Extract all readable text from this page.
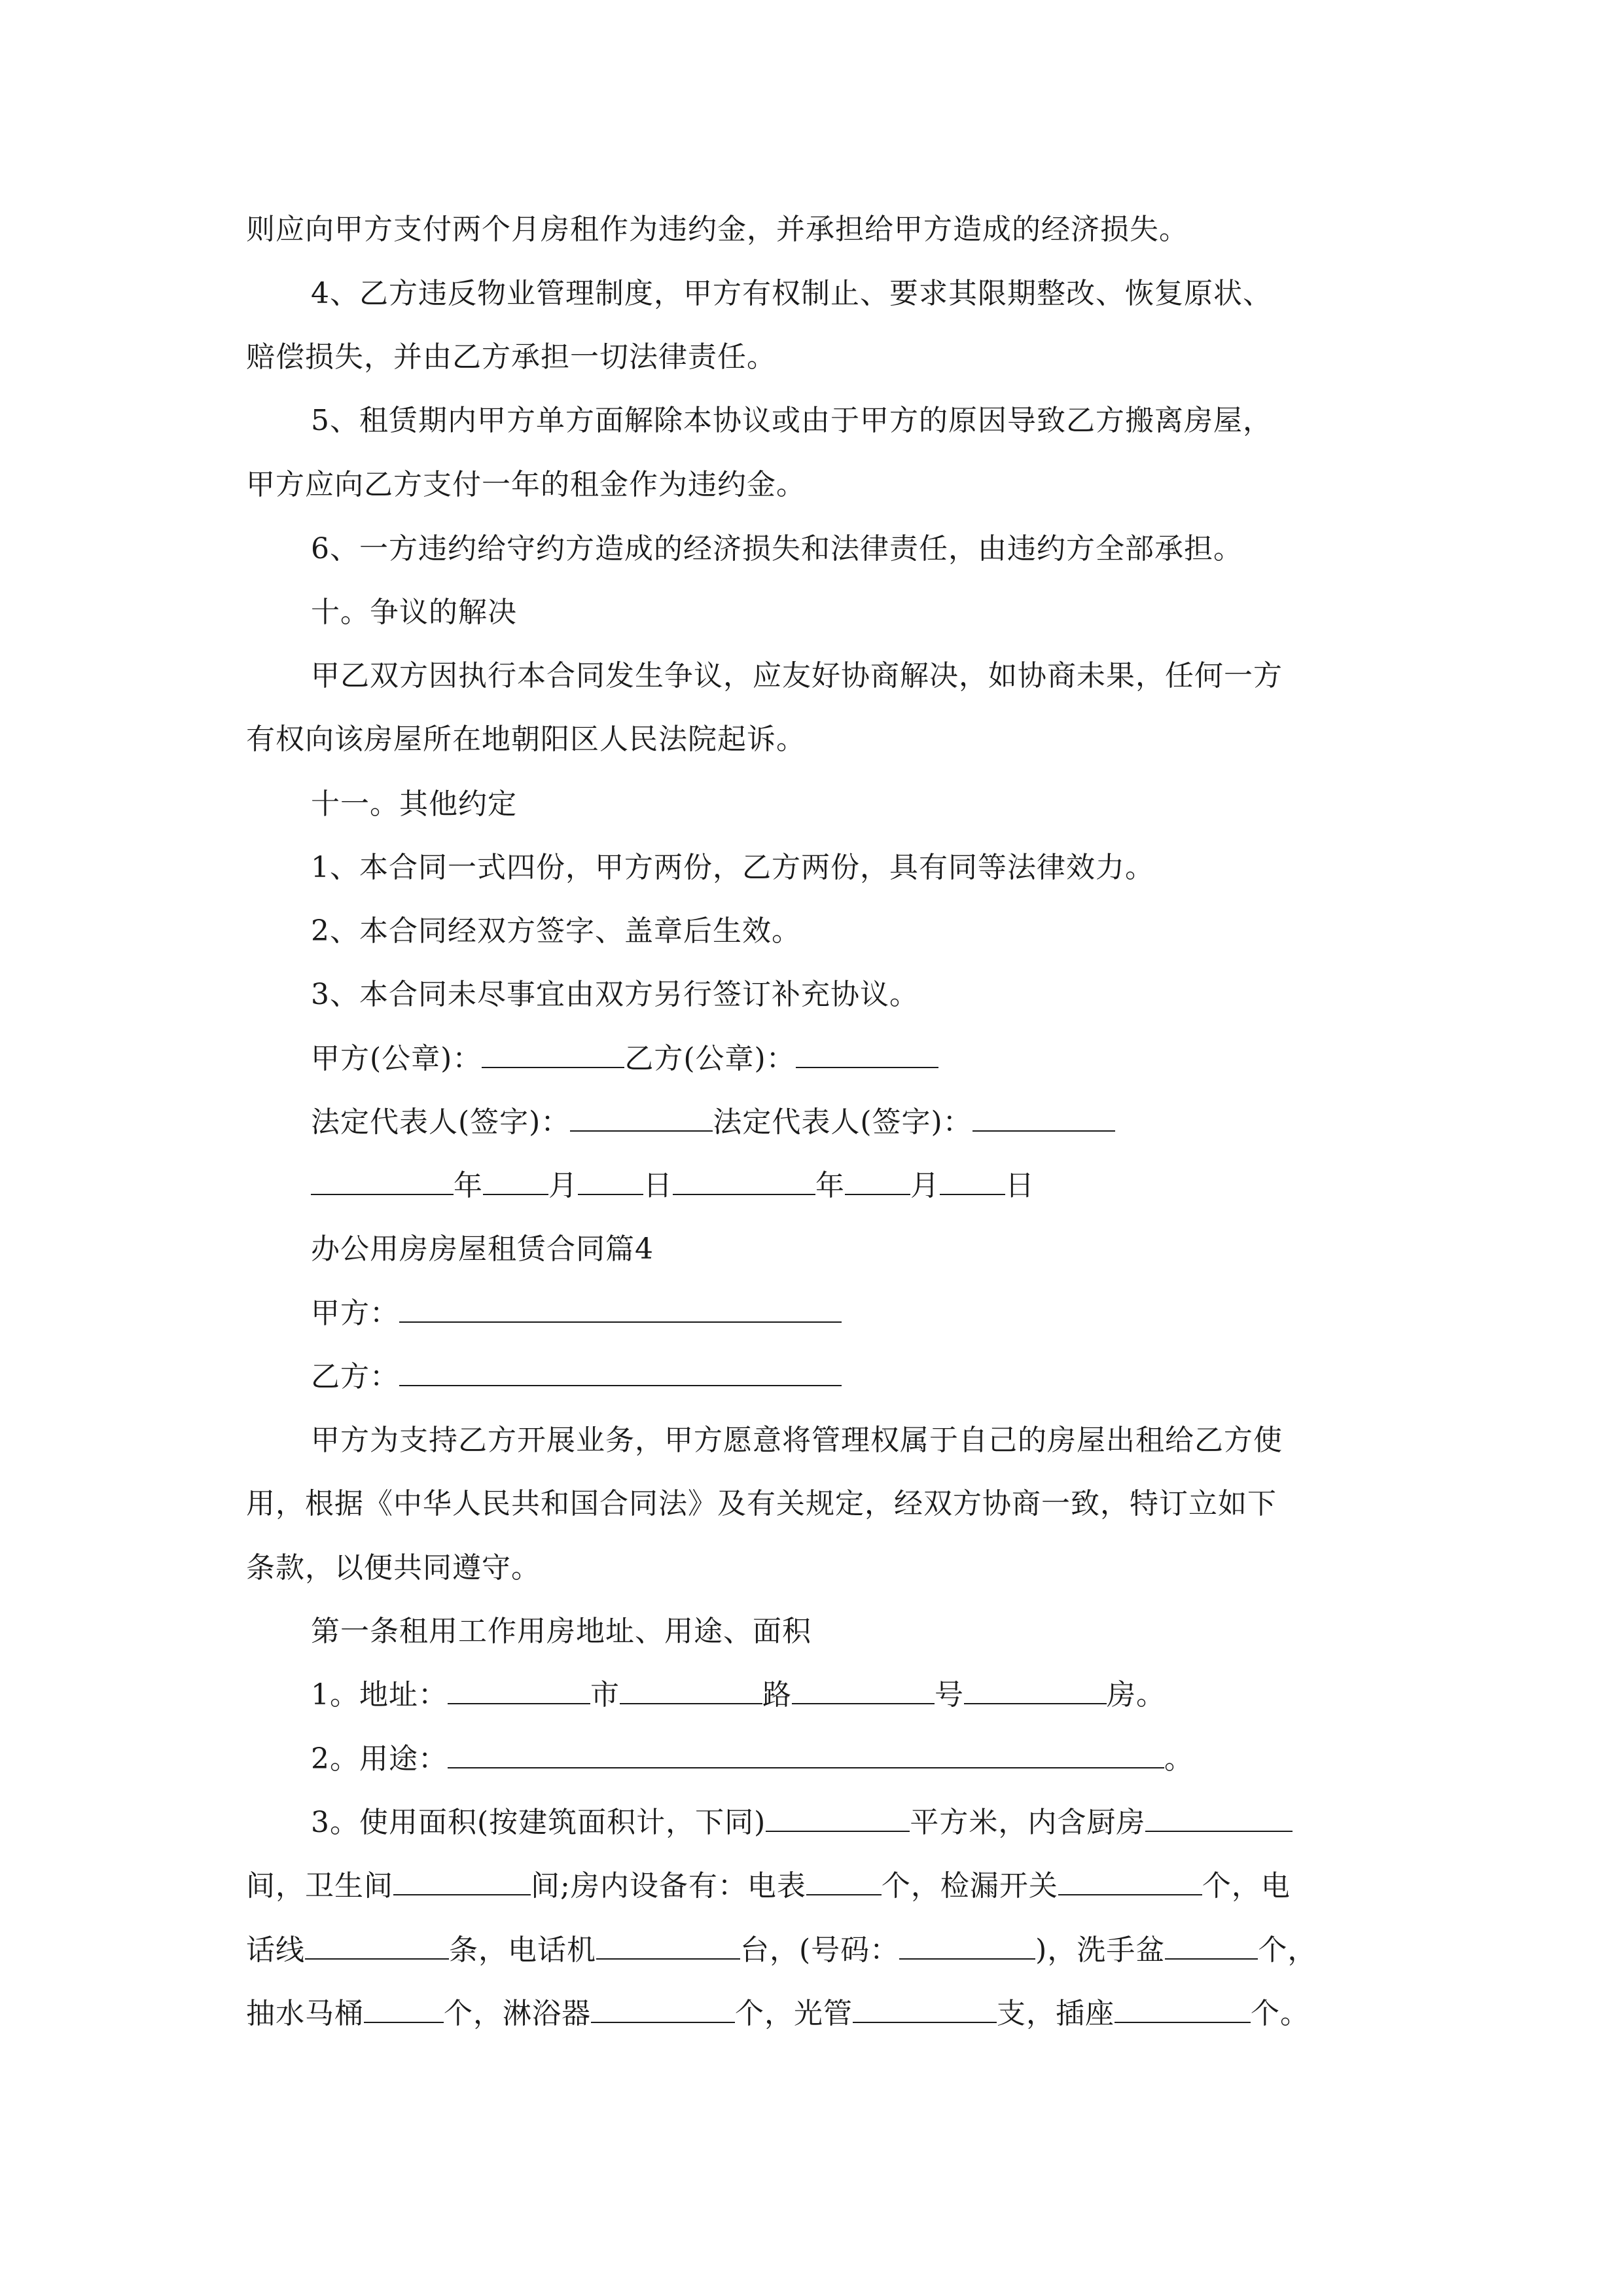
则应向甲方支付两个月房租作为违约金，并承担给甲方造成的经济损失。
4、乙方违反物业管理制度，甲方有权制止、要求其限期整改、恢复原状、
赔偿损失，并由乙方承担一切法律责任。
5、租赁期内甲方单方面解除本协议或由于甲方的原因导致乙方搬离房屋，
甲方应向乙方支付一年的租金作为违约金。
6、一方违约给守约方造成的经济损失和法律责任，由违约方全部承担。
十。争议的解决
甲乙双方因执行本合同发生争议，应友好协商解决，如协商未果，任何一方
有权向该房屋所在地朝阳区人民法院起诉。
十一。其他约定
1、本合同一式四份，甲方两份，乙方两份，具有同等法律效力。
2、本合同经双方签字、盖章后生效。
3、本合同未尽事宜由双方另行签订补充协议。
甲方(公章)：	乙方(公章)：
法定代表人(签字)：	法定代表人(签字)：
年 月 日	年 月 日
办公用房房屋租赁合同篇4
甲方：
乙方：
甲方为支持乙方开展业务，甲方愿意将管理权属于自己的房屋出租给乙方使
用，根据《中华人民共和国合同法》及有关规定，经双方协商一致，特订立如下
条款，以便共同遵守。
第一条租用工作用房地址、用途、面积
1。地址：	市	路	号	房。
2。用途：	。
3。使用面积(按建筑面积计，下同)	平方米，内含厨房
间，卫生间	间;房内设备有：电表	个，检漏开关	个，电
话线	条，电话机	台，(号码：	)，洗手盆	个，
抽水马桶	个，淋浴器	个，光管	支，插座	个。
